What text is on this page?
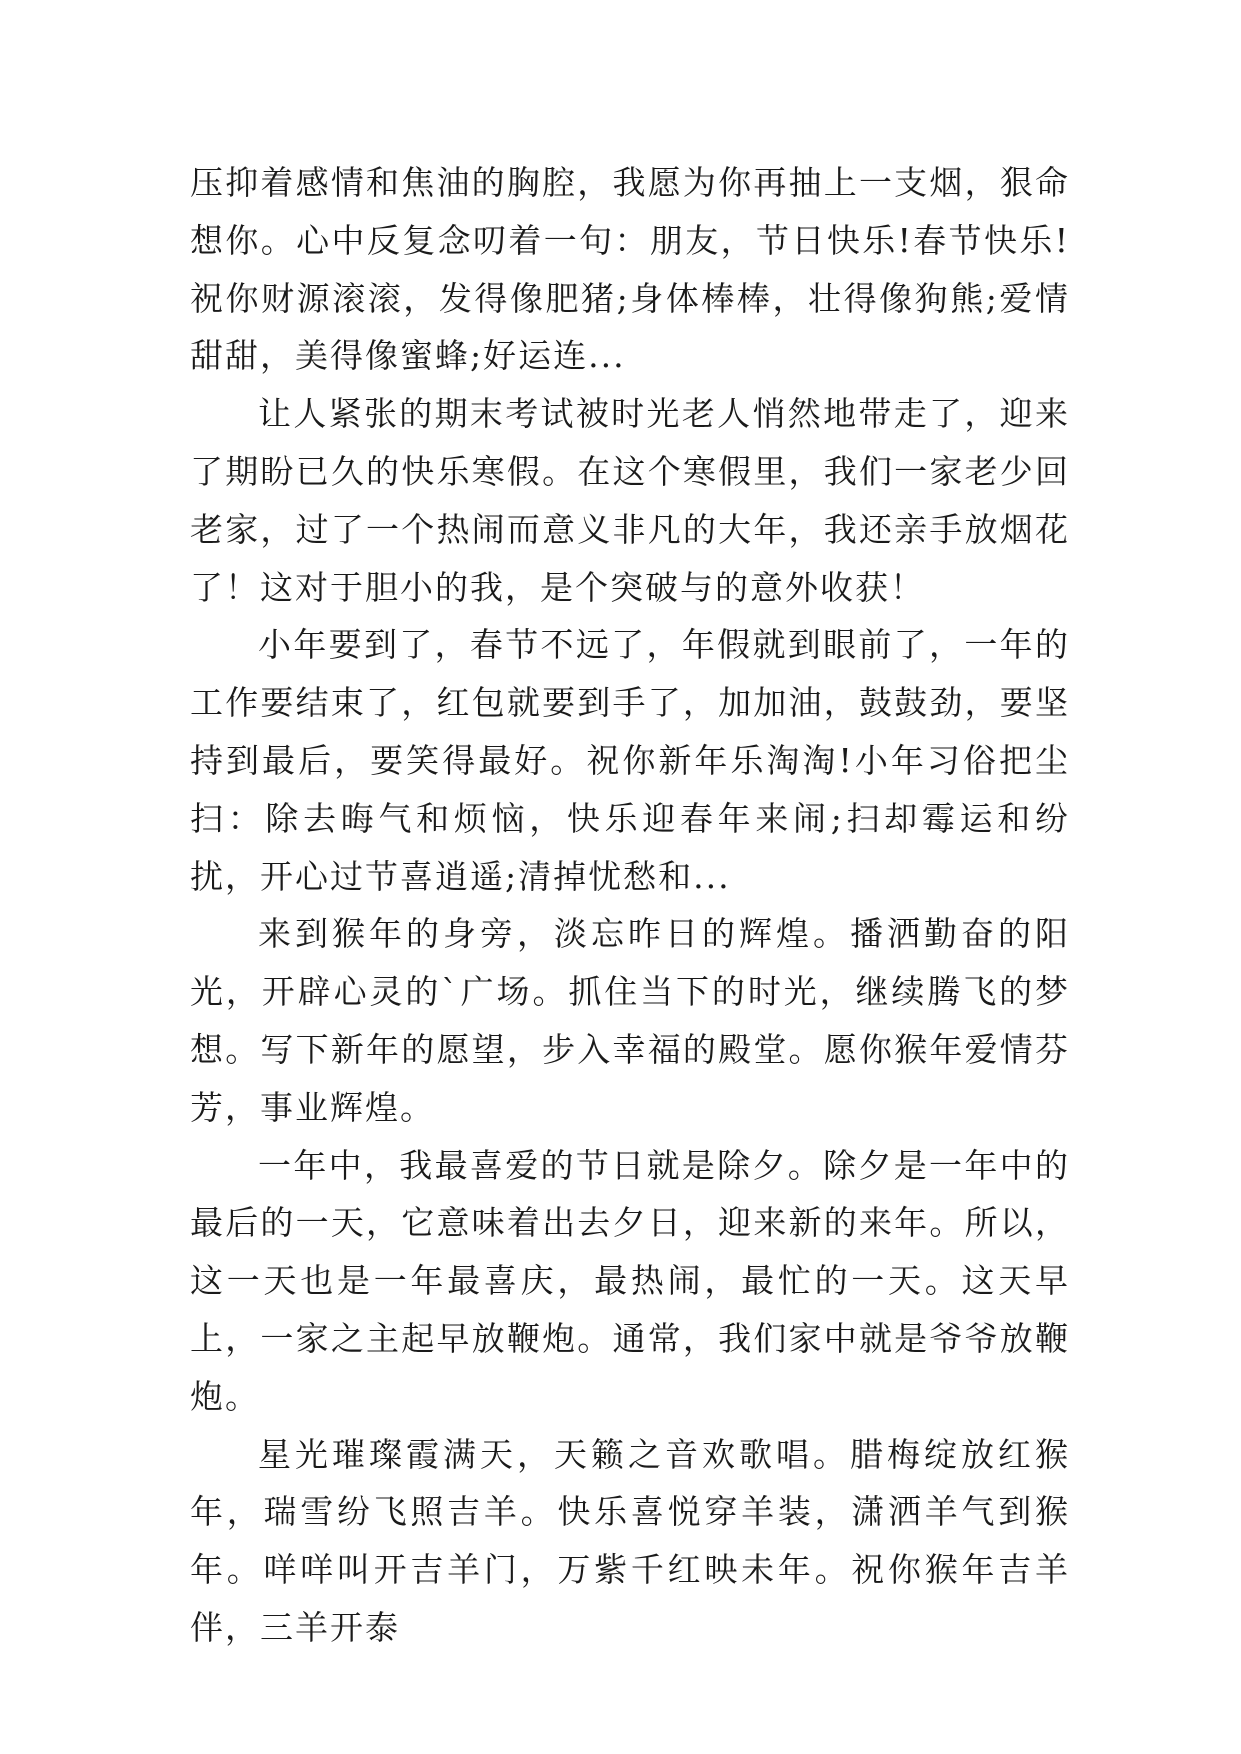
压抑着感情和焦油的胸腔，我愿为你再抽上一支烟，狠命想你。心中反复念叨着一句：朋友，节日快乐!春节快乐!祝你财源滚滚，发得像肥猪;身体棒棒，壮得像狗熊;爱情甜甜，美得像蜜蜂;好运连...

让人紧张的期末考试被时光老人悄然地带走了，迎来了期盼已久的快乐寒假。在这个寒假里，我们一家老少回老家，过了一个热闹而意义非凡的大年，我还亲手放烟花了！这对于胆小的我，是个突破与的意外收获！

小年要到了，春节不远了，年假就到眼前了，一年的工作要结束了，红包就要到手了，加加油，鼓鼓劲，要坚持到最后，要笑得最好。祝你新年乐淘淘!小年习俗把尘扫：除去晦气和烦恼，快乐迎春年来闹;扫却霉运和纷扰，开心过节喜逍遥;清掉忧愁和...

来到猴年的身旁，淡忘昨日的辉煌。播洒勤奋的阳光，开辟心灵的`广场。抓住当下的时光，继续腾飞的梦想。写下新年的愿望，步入幸福的殿堂。愿你猴年爱情芬芳，事业辉煌。

一年中，我最喜爱的节日就是除夕。除夕是一年中的最后的一天，它意味着出去夕日，迎来新的来年。所以，这一天也是一年最喜庆，最热闹，最忙的一天。这天早上，一家之主起早放鞭炮。通常，我们家中就是爷爷放鞭炮。

星光璀璨霞满天，天籁之音欢歌唱。腊梅绽放红猴年，瑞雪纷飞照吉羊。快乐喜悦穿羊装，潇洒羊气到猴年。咩咩叫开吉羊门，万紫千红映未年。祝你猴年吉羊伴，三羊开泰
